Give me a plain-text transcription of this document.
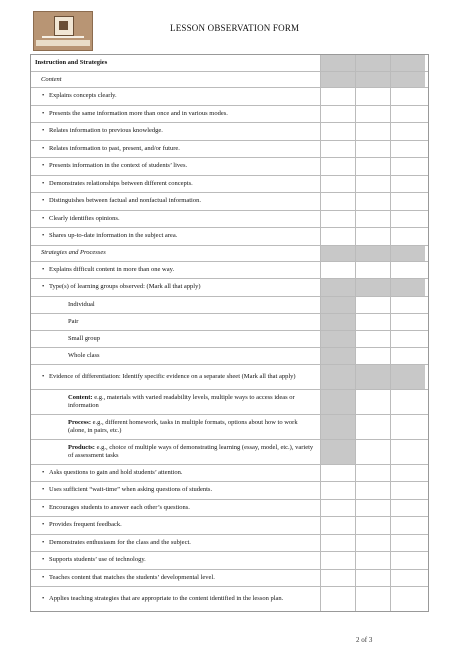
LESSON OBSERVATION FORM
Instruction and Strategies
Content
• Explains concepts clearly.
• Presents the same information more than once and in various modes.
• Relates information to previous knowledge.
• Relates information to past, present, and/or future.
• Presents information in the context of students’ lives.
• Demonstrates relationships between different concepts.
• Distinguishes between factual and nonfactual information.
• Clearly identifies opinions.
• Shares up-to-date information in the subject area.
Strategies and Processes
• Explains difficult content in more than one way.
• Type(s) of learning groups observed: (Mark all that apply)
Individual
Pair
Small group
Whole class
• Evidence of differentiation: Identify specific evidence on a separate sheet (Mark all that apply)
Content: e.g., materials with varied readability levels, multiple ways to access ideas or information
Process: e.g., different homework, tasks in multiple formats, options about how to work (alone, in pairs, etc.)
Products: e.g., choice of multiple ways of demonstrating learning (essay, model, etc.), variety of assessment tasks
• Asks questions to gain and hold students’ attention.
• Uses sufficient “wait-time” when asking questions of students.
• Encourages students to answer each other’s questions.
• Provides frequent feedback.
• Demonstrates enthusiasm for the class and the subject.
• Supports students’ use of technology.
• Teaches content that matches the students’ developmental level.
• Applies teaching strategies that are appropriate to the content identified in the lesson plan.
2 of 3
